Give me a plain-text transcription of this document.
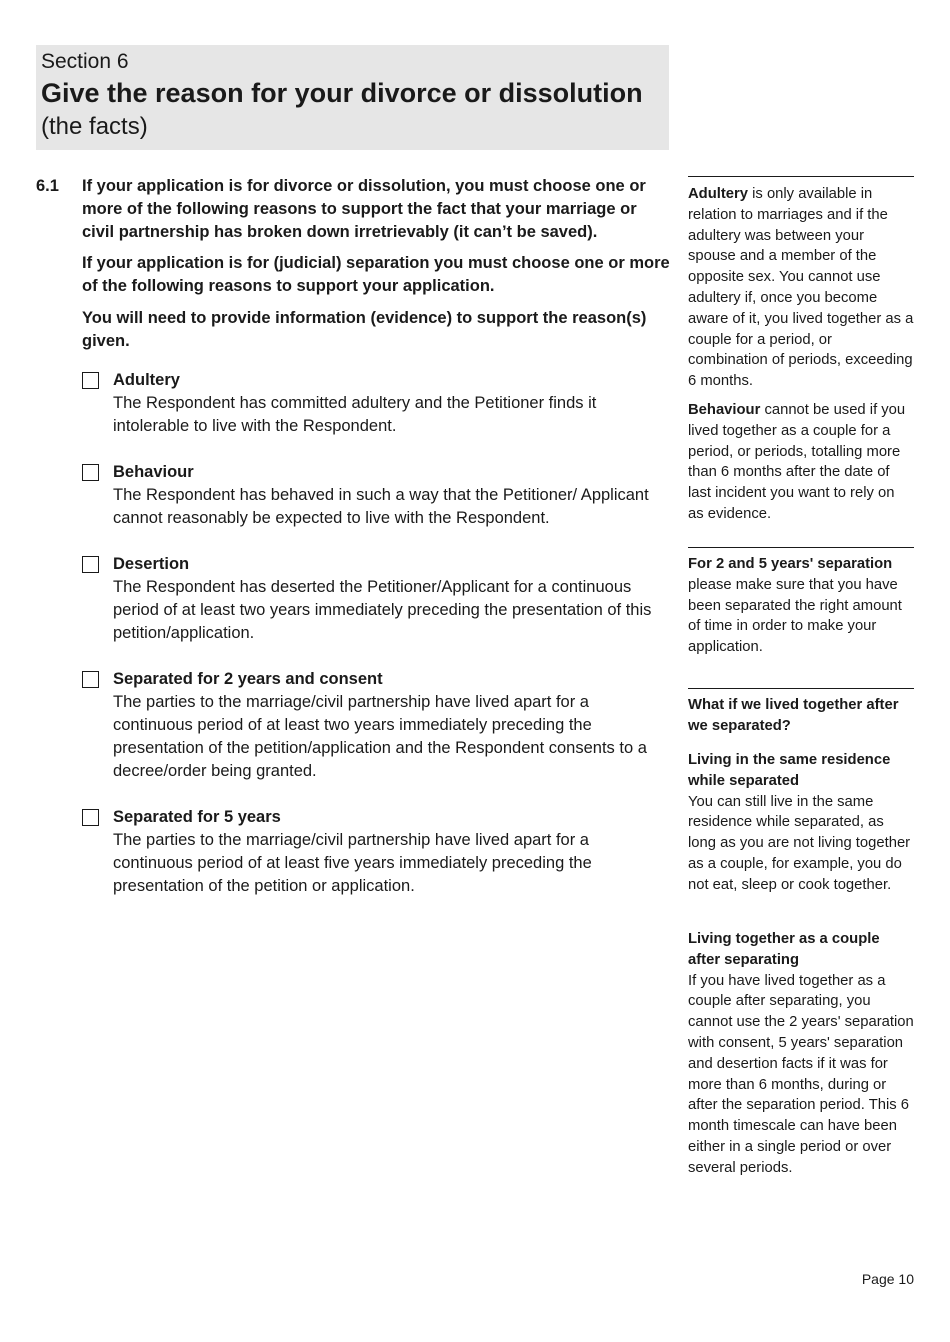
Section 6
Give the reason for your divorce or dissolution
(the facts)
6.1 If your application is for divorce or dissolution, you must choose one or more of the following reasons to support the fact that your marriage or civil partnership has broken down irretrievably (it can’t be saved).
If your application is for (judicial) separation you must choose one or more of the following reasons to support your application.
You will need to provide information (evidence) to support the reason(s) given.
Adultery
The Respondent has committed adultery and the Petitioner finds it intolerable to live with the Respondent.
Behaviour
The Respondent has behaved in such a way that the Petitioner/ Applicant cannot reasonably be expected to live with the Respondent.
Desertion
The Respondent has deserted the Petitioner/Applicant for a continuous period of at least two years immediately preceding the presentation of this petition/application.
Separated for 2 years and consent
The parties to the marriage/civil partnership have lived apart for a continuous period of at least two years immediately preceding the presentation of the petition/application and the Respondent consents to a decree/order being granted.
Separated for 5 years
The parties to the marriage/civil partnership have lived apart for a continuous period of at least five years immediately preceding the presentation of the petition or application.

Adultery is only available in relation to marriages and if the adultery was between your spouse and a member of the opposite sex. You cannot use adultery if, once you become aware of it, you lived together as a couple for a period, or combination of periods, exceeding 6 months.

Behaviour cannot be used if you lived together as a couple for a period, or periods, totalling more than 6 months after the date of last incident you want to rely on as evidence.

For 2 and 5 years' separation please make sure that you have been separated the right amount of time in order to make your application.

What if we lived together after we separated?

Living in the same residence while separated

You can still live in the same residence while separated, as long as you are not living together as a couple, for example, you do not eat, sleep or cook together.

Living together as a couple after separating

If you have lived together as a couple after separating, you cannot use the 2 years' separation with consent, 5 years' separation and desertion facts if it was for more than 6 months, during or after the separation period. This 6 month timescale can have been either in a single period or over several periods.

Page 10
